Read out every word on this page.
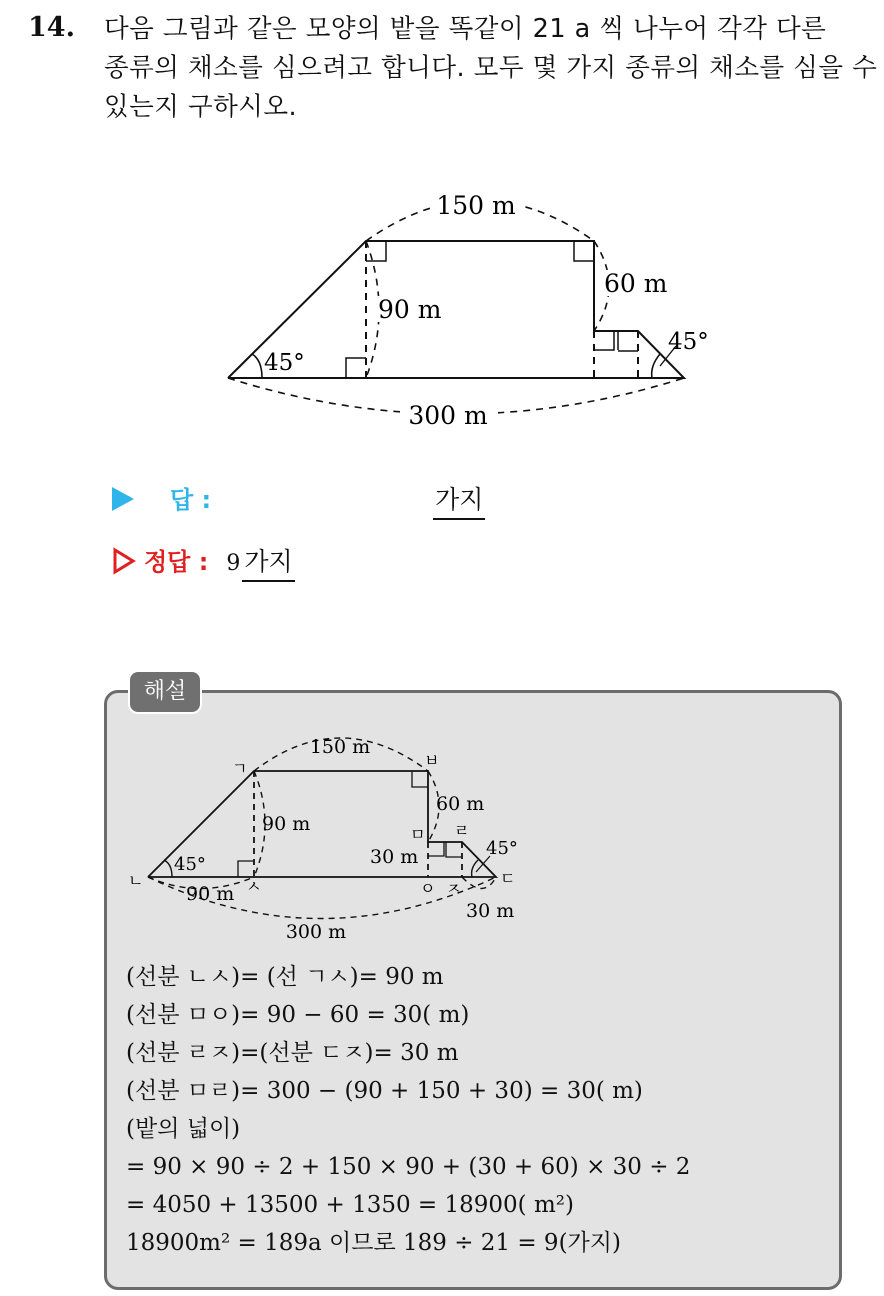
14. 다음 그림과 같은 모양의 밭을 똑같이 21 a 씩 나누어 각각 다른
종류의 채소를 심으려고 합니다. 모두 몇 가지 종류의 채소를 심을 수
있는지 구하시오.
150 m
60 m
90 m
45°
45°
300 m
답 :	가지
정답 : 9 가지
해설
150 m
90 m
60 m
30 m
45°
45°
90 m
30 m
300 m
ㄱ
ㄴ	ㅅ
ㅂ
ㅁ ㄹ
ㅇ ㅈ
ㄷ
(선분 ㄴㅅ)= (선 ㄱㅅ)= 90 m
(선분 ㅁㅇ)= 90 − 60 = 30( m)
(선분 ㄹㅈ)=(선분 ㄷㅈ)= 30 m
(선분 ㅁㄹ)= 300 − (90 + 150 + 30) = 30( m)
(밭의 넓이)
= 90 × 90 ÷ 2 + 150 × 90 + (30 + 60) × 30 ÷ 2
= 4050 + 13500 + 1350 = 18900( m²)
18900m² = 189a 이므로 189 ÷ 21 = 9(가지)
